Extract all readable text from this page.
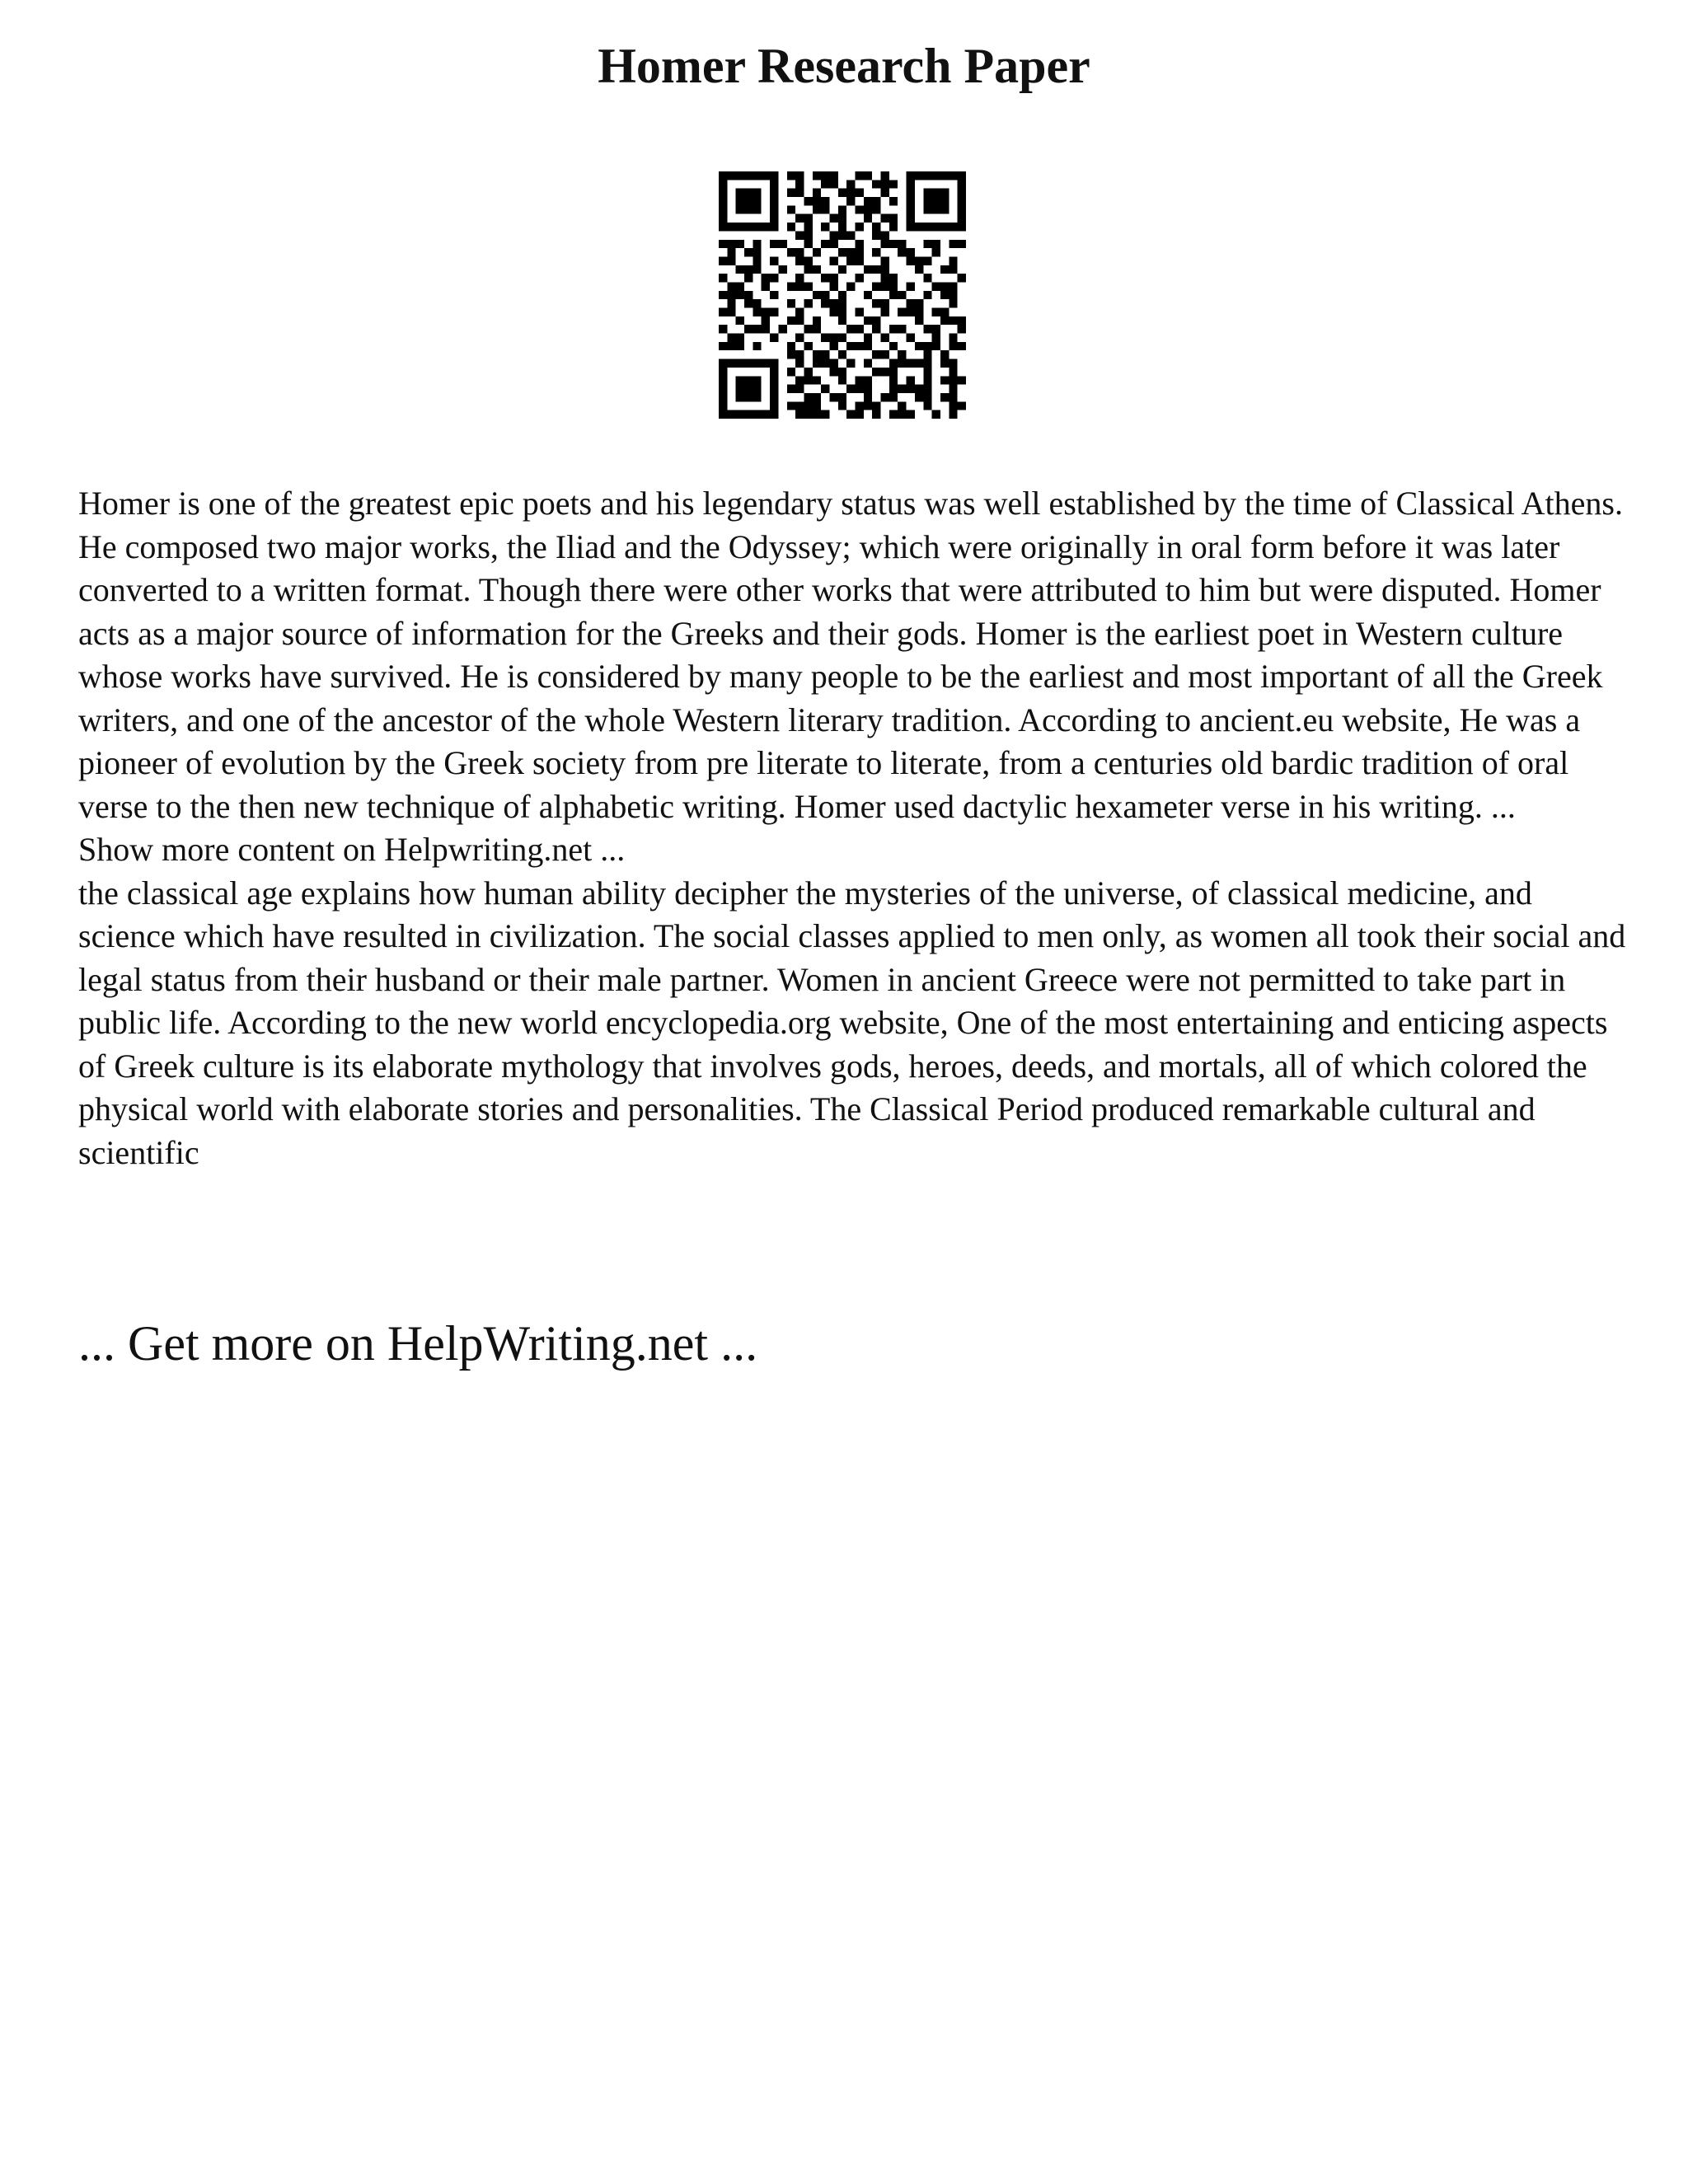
Homer Research Paper

Homer is one of the greatest epic poets and his legendary status was well established by the time of Classical Athens. He composed two major works, the Iliad and the Odyssey; which were originally in oral form before it was later converted to a written format. Though there were other works that were attributed to him but were disputed. Homer acts as a major source of information for the Greeks and their gods. Homer is the earliest poet in Western culture whose works have survived. He is considered by many people to be the earliest and most important of all the Greek writers, and one of the ancestor of the whole Western literary tradition. According to ancient.eu website, He was a pioneer of evolution by the Greek society from pre literate to literate, from a centuries old bardic tradition of oral verse to the then new technique of alphabetic writing. Homer used dactylic hexameter verse in his writing. ...

Show more content on Helpwriting.net ...

the classical age explains how human ability decipher the mysteries of the universe, of classical medicine, and science which have resulted in civilization. The social classes applied to men only, as women all took their social and legal status from their husband or their male partner. Women in ancient Greece were not permitted to take part in public life. According to the new world encyclopedia.org website, One of the most entertaining and enticing aspects of Greek culture is its elaborate mythology that involves gods, heroes, deeds, and mortals, all of which colored the physical world with elaborate stories and personalities. The Classical Period produced remarkable cultural and scientific

... Get more on HelpWriting.net ...
